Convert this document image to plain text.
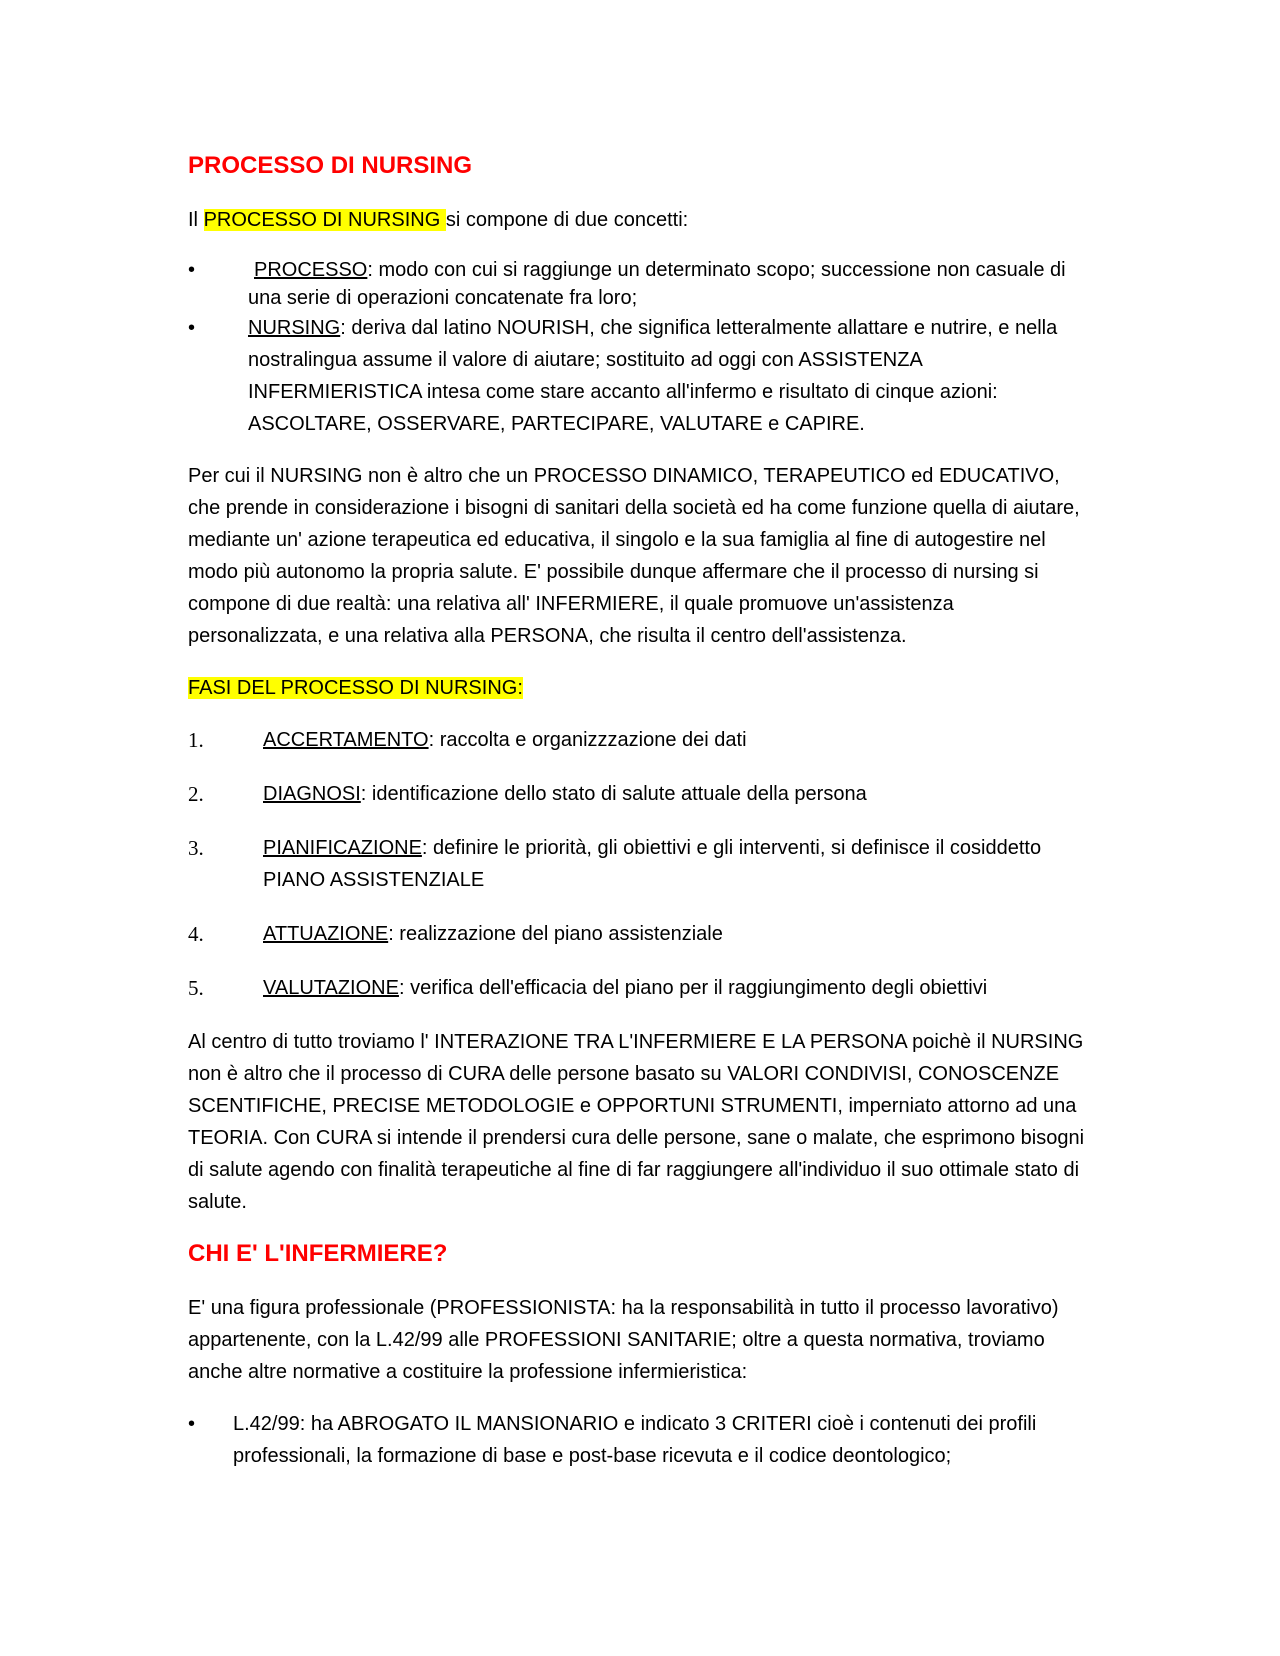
PROCESSO DI NURSING
Il PROCESSO DI NURSING si compone di due concetti:
•	PROCESSO: modo con cui si raggiunge un determinato scopo; successione non casuale di una serie di operazioni concatenate fra loro;
•	NURSING: deriva dal latino NOURISH, che significa letteralmente allattare e nutrire, e nella nostralingua assume il valore di aiutare; sostituito ad oggi con ASSISTENZA INFERMIERISTICA intesa come stare accanto all'infermo e risultato di cinque azioni: ASCOLTARE, OSSERVARE, PARTECIPARE, VALUTARE e CAPIRE.
Per cui il NURSING non è altro che un PROCESSO DINAMICO, TERAPEUTICO ed EDUCATIVO, che prende in considerazione i bisogni di sanitari della società ed ha come funzione quella di aiutare, mediante un' azione terapeutica ed educativa, il singolo e la sua famiglia al fine di autogestire nel modo più autonomo la propria salute. E' possibile dunque affermare che il processo di nursing si compone di due realtà: una relativa all' INFERMIERE, il quale promuove un'assistenza personalizzata, e una relativa alla PERSONA, che risulta il centro dell'assistenza.
FASI DEL PROCESSO DI NURSING:
1.	ACCERTAMENTO: raccolta e organizzzazione dei dati
2.	DIAGNOSI: identificazione dello stato di salute attuale della persona
3.	PIANIFICAZIONE: definire le priorità, gli obiettivi e gli interventi, si definisce il cosiddetto PIANO ASSISTENZIALE
4.	ATTUAZIONE: realizzazione del piano assistenziale
5.	VALUTAZIONE: verifica dell'efficacia del piano per il raggiungimento degli obiettivi
Al centro di tutto troviamo l' INTERAZIONE TRA L'INFERMIERE E LA PERSONA poichè il NURSING non è altro che il processo di CURA delle persone basato su VALORI CONDIVISI, CONOSCENZE SCENTIFICHE, PRECISE METODOLOGIE e OPPORTUNI STRUMENTI, imperniato attorno ad una TEORIA. Con CURA si intende il prendersi cura delle persone, sane o malate, che esprimono bisogni di salute agendo con finalità terapeutiche al fine di far raggiungere all'individuo il suo ottimale stato di salute.
CHI E' L'INFERMIERE?
E' una figura professionale (PROFESSIONISTA: ha la responsabilità in tutto il processo lavorativo) appartenente, con la L.42/99 alle PROFESSIONI SANITARIE; oltre a questa normativa, troviamo anche altre normative a costituire la professione infermieristica:
•	L.42/99: ha ABROGATO IL MANSIONARIO e indicato 3 CRITERI cioè i contenuti dei profili professionali, la formazione di base e post-base ricevuta e il codice deontologico;
